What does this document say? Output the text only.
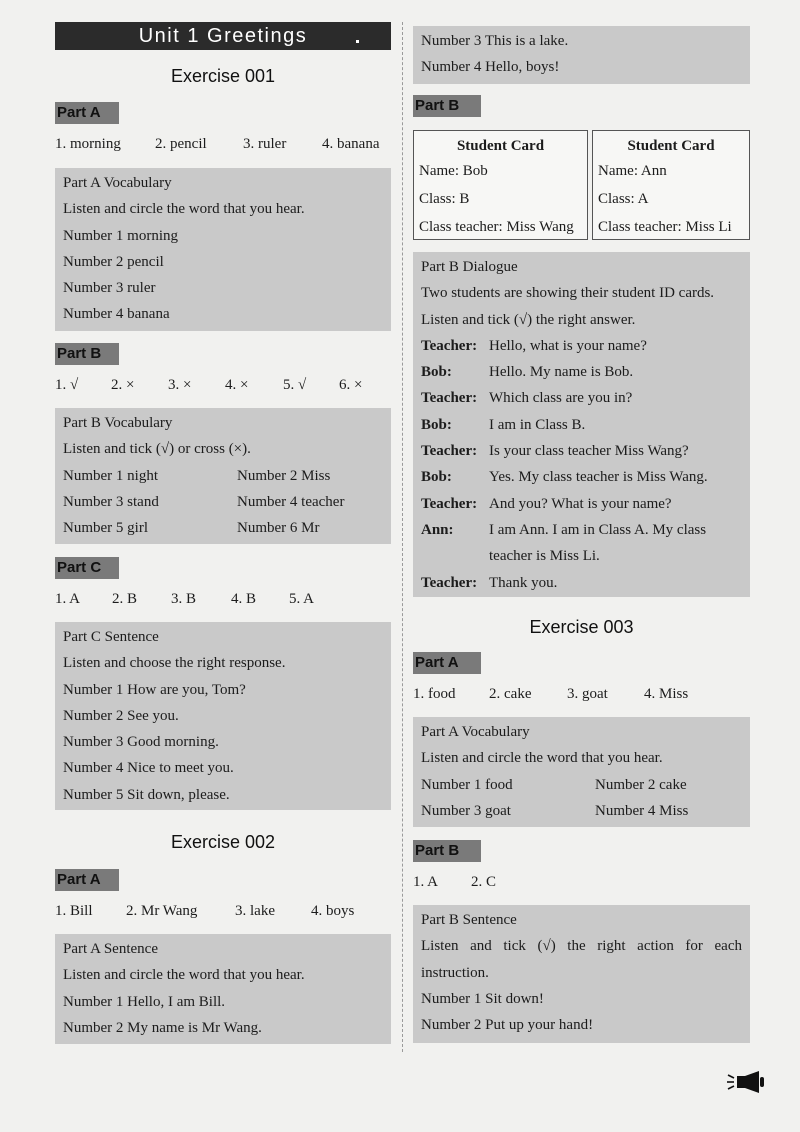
Unit 1 Greetings
Exercise 001
Part A
1. morning 2. pencil 3. ruler 4. banana
Part A Vocabulary
Listen and circle the word that you hear.
Number 1 morning
Number 2 pencil
Number 3 ruler
Number 4 banana
Part B
1. √ 2. × 3. × 4. × 5. √ 6. ×
Part B Vocabulary
Listen and tick (√) or cross (×).
Number 1 night	Number 2 Miss
Number 3 stand	Number 4 teacher
Number 5 girl	Number 6 Mr
Part C
1. A 2. B 3. B 4. B 5. A
Part C Sentence
Listen and choose the right response.
Number 1 How are you, Tom?
Number 2 See you.
Number 3 Good morning.
Number 4 Nice to meet you.
Number 5 Sit down, please.
Exercise 002
Part A
1. Bill 2. Mr Wang	3. lake 4. boys
Part A Sentence
Listen and circle the word that you hear.
Number 1 Hello, I am Bill.
Number 2 My name is Mr Wang.
Number 3 This is a lake.
Number 4 Hello, boys!
Part B
Student Card
Name: Bob
Class: B
Class teacher: Miss Wang
Student Card
Name: Ann
Class: A
Class teacher: Miss Li
Part B Dialogue
Two students are showing their student ID cards.
Listen and tick (√) the right answer.
Teacher: Hello, what is your name?
Bob:	Hello. My name is Bob.
Teacher: Which class are you in?
Bob:	I am in Class B.
Teacher: Is your class teacher Miss Wang?
Bob:	Yes. My class teacher is Miss Wang.
Teacher: And you? What is your name?
Ann:	I am Ann. I am in Class A. My class teacher is Miss Li.
Teacher: Thank you.
Exercise 003
Part A
1. food 2. cake 3. goat 4. Miss
Part A Vocabulary
Listen and circle the word that you hear.
Number 1 food	Number 2 cake
Number 3 goat	Number 4 Miss
Part B
1. A 2. C
Part B Sentence
Listen and tick (√) the right action for each instruction.
Number 1 Sit down!
Number 2 Put up your hand!
